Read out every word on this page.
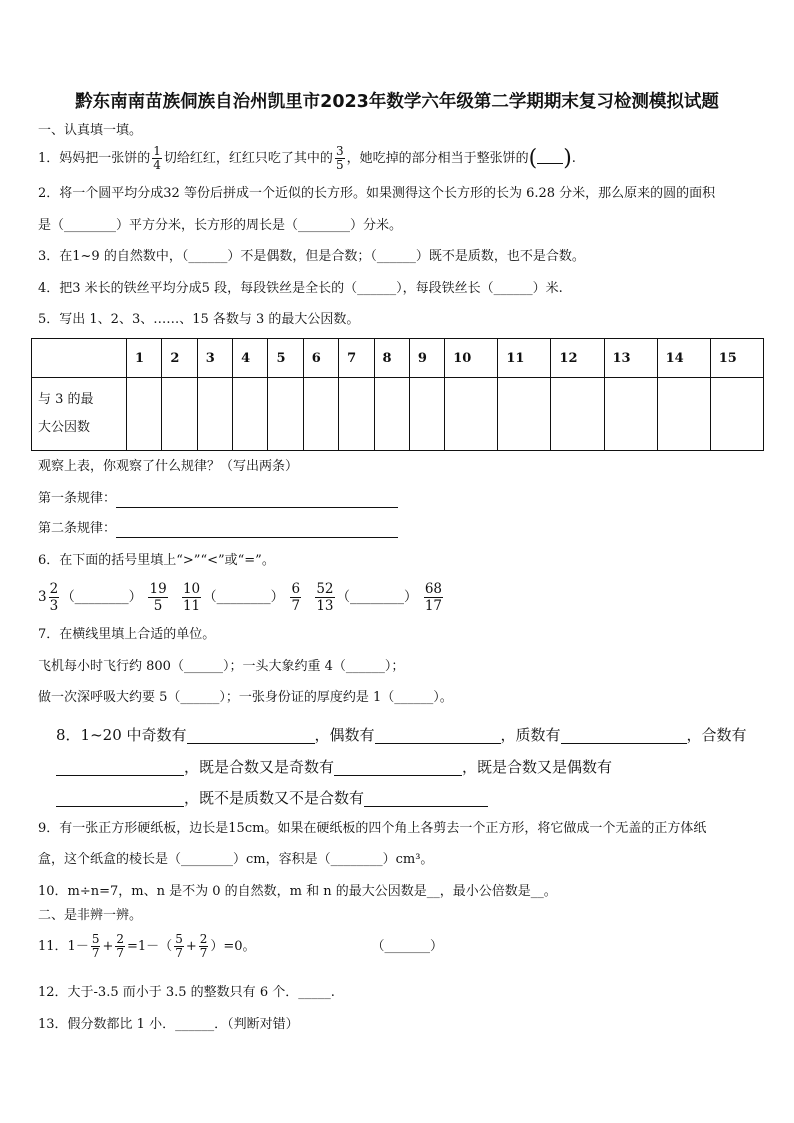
黔东南南苗族侗族自治州凯里市2023年数学六年级第二学期期末复习检测模拟试题
一、认真填一填。
1．妈妈把一张饼的 $\frac{1}{4}$ 切给红红，红红只吃了其中的 $\frac{3}{5}$ ，她吃掉的部分相当于整张饼的( ).
2．将一个圆平均分成32 等份后拼成一个近似的长方形。如果测得这个长方形的长为 6.28 分米，那么原来的圆的面积
是（________）平方分米，长方形的周长是（________）分米。
3．在1~9 的自然数中，（______）不是偶数，但是合数；（______）既不是质数，也不是合数。
4．把3 米长的铁丝平均分成5 段，每段铁丝是全长的（______），每段铁丝长（______）米.
5．写出 1、2、3、……、15 各数与 3 的最大公因数。
	1	2	3	4	5	6	7	8	9	10	11	12	13	14	15
与 3 的最
大公因数															
观察上表，你观察了什么规律？（写出两条）
第一条规律：
第二条规律：
6．在下面的括号里填上“>”“<”或“=”。
$3 \frac{2}{3}$ （________） $\frac{19}{5}$
$\frac{10}{11}$ （________） $\frac{6}{7}$
$\frac{52}{13}$ （________） $\frac{68}{17}$
7．在横线里填上合适的单位。
飞机每小时飞行约 800（______）；一头大象约重 4（______）；
做一次深呼吸大约要 5（______）；一张身份证的厚度约是 1（______）。
8．1~20 中奇数有	，偶数有	，质数有	，合数有
，既是合数又是奇数有	，既是合数又是偶数有
，既不是质数又不是合数有
9．有一张正方形硬纸板，边长是15cm。如果在硬纸板的四个角上各剪去一个正方形，将它做成一个无盖的正方体纸
盒，这个纸盒的棱长是（________）cm，容积是（________）cm³。
10．m÷n=7，m、n 是不为 0 的自然数，m 和 n 的最大公因数是__，最小公倍数是__。
二、是非辨一辨。
11．$1- \frac{5}{7} + \frac{2}{7} =1-( \frac{5}{7} + \frac{2}{7} )=0$。	（_______）
12．大于-3.5 而小于 3.5 的整数只有 6 个．_____.
13．假分数都比 1 小．______．（判断对错）
